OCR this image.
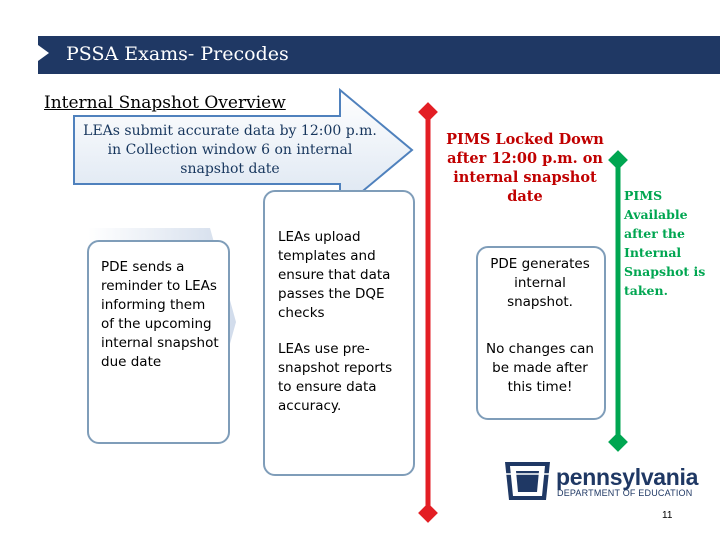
PSSA Exams- Precodes
Internal Snapshot Overview
LEAs submit accurate data by 12:00 p.m. in Collection window 6 on internal snapshot date
PDE sends a reminder to LEAs informing them of the upcoming internal snapshot due date
LEAs upload templates and ensure that data passes the DQE checks
LEAs use pre-snapshot reports to ensure data accuracy.
PDE generates internal snapshot.
No changes can be made after this time!
PIMS Locked Down after 12:00 p.m. on internal snapshot date	PIMS Available after the Internal Snapshot is taken.
pennsylvania
DEPARTMENT OF EDUCATION
11
